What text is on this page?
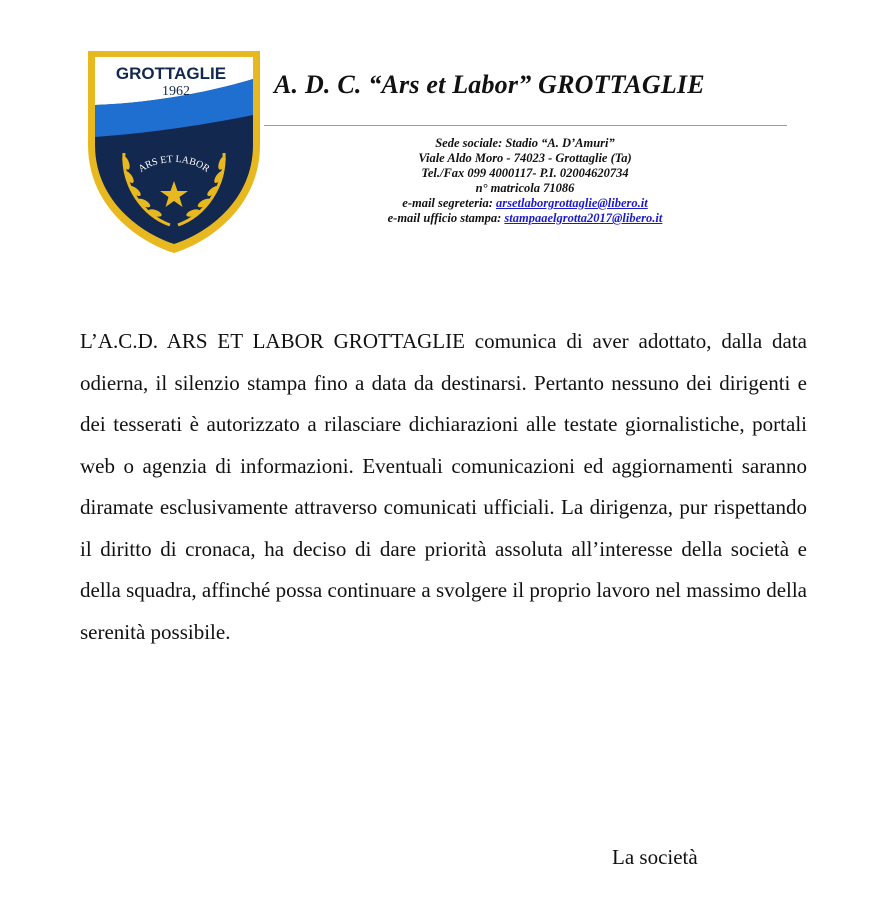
GROTTAGLIE
1962
ARS ET LABOR
A. D. C. “Ars et Labor” GROTTAGLIE
Sede sociale: Stadio “A. D’Amuri”
Viale Aldo Moro - 74023 - Grottaglie (Ta)
Tel./Fax 099 4000117- P.I. 02004620734
n° matricola 71086
e-mail segreteria: arsetlaborgrottaglie@libero.it
e-mail ufficio stampa: stampaaelgrotta2017@libero.it

L’A.C.D. ARS ET LABOR GROTTAGLIE comunica di aver adottato, dalla data odierna, il silenzio stampa fino a data da destinarsi. Pertanto nessuno dei dirigenti e dei tesserati è autorizzato a rilasciare dichiarazioni alle testate giornalistiche, portali web o agenzia di informazioni. Eventuali comunicazioni ed aggiornamenti saranno diramate esclusivamente attraverso comunicati ufficiali. La dirigenza, pur rispettando il diritto di cronaca, ha deciso di dare priorità assoluta all’interesse della società e della squadra, affinché possa continuare a svolgere il proprio lavoro nel massimo della serenità possibile.

La società
